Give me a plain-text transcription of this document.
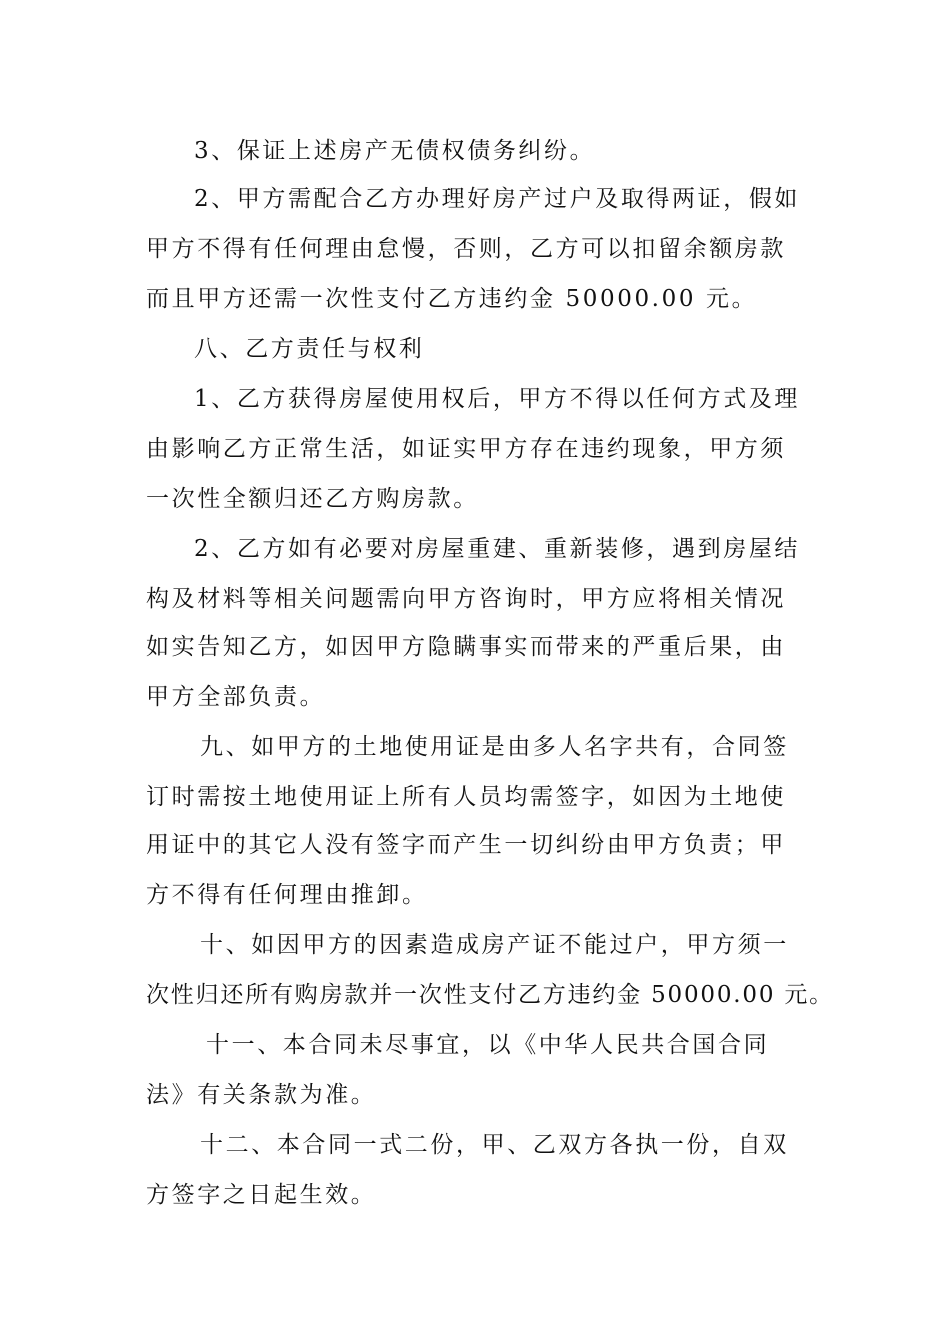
3、保证上述房产无债权债务纠纷。
2、甲方需配合乙方办理好房产过户及取得两证，假如
甲方不得有任何理由怠慢，否则，乙方可以扣留余额房款
而且甲方还需一次性支付乙方违约金 50000.00 元。
八、乙方责任与权利
1、乙方获得房屋使用权后，甲方不得以任何方式及理
由影响乙方正常生活，如证实甲方存在违约现象，甲方须
一次性全额归还乙方购房款。
2、乙方如有必要对房屋重建、重新装修，遇到房屋结
构及材料等相关问题需向甲方咨询时，甲方应将相关情况
如实告知乙方，如因甲方隐瞒事实而带来的严重后果，由
甲方全部负责。
九、如甲方的土地使用证是由多人名字共有，合同签
订时需按土地使用证上所有人员均需签字，如因为土地使
用证中的其它人没有签字而产生一切纠纷由甲方负责；甲
方不得有任何理由推卸。
十、如因甲方的因素造成房产证不能过户，甲方须一
次性归还所有购房款并一次性支付乙方违约金 50000.00 元。
十一、本合同未尽事宜，以《中华人民共合国合同
法》有关条款为准。
十二、本合同一式二份，甲、乙双方各执一份，自双
方签字之日起生效。
